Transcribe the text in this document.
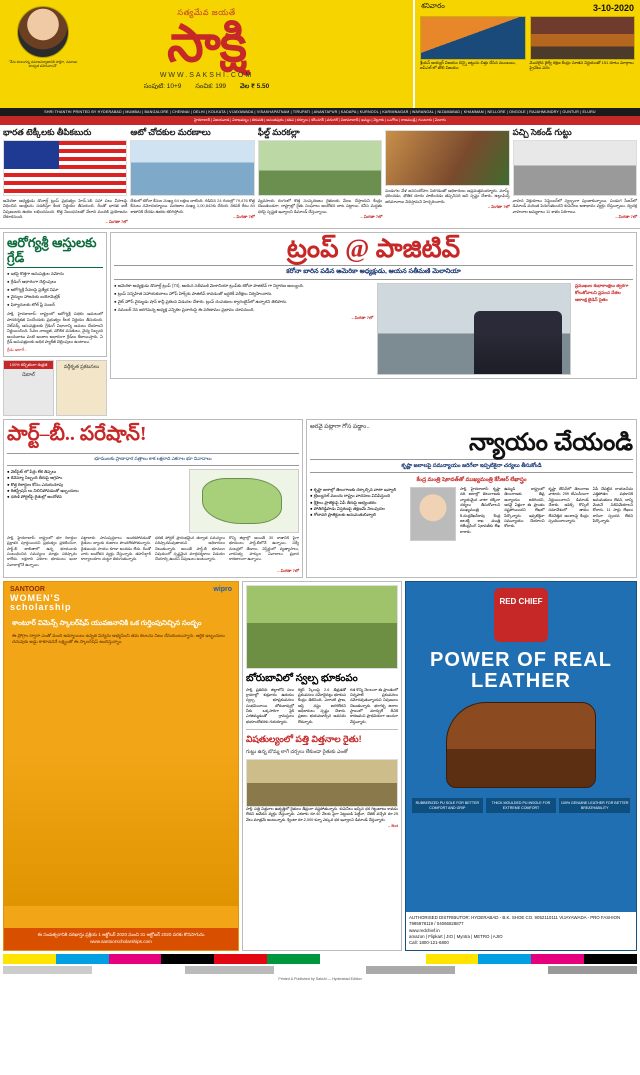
"నేను కలలుగన్న సమాజనిర్మాణానికి సాక్షిగా, సమాజం బాధ్యత వహించాలనే"
సత్యమేవ జయతే
సాక్షి
WWW.SAKSHI.COM
సంపుటి: 10+9 సంచిక: 199 వెల ₹ 5.50
శనివారం	3-10-2020
శ్రేయస్ అయ్యర్ విజయం చెన్నై జట్టును చిత్తు చేసిన ముంబయి, ఐపీఎల్ లో తొలి విజయం
మొదలైన రైల్వే రక్షణ కేంద్రం నూతన నిర్ణయంతో 151 రూటు మార్గాలు ప్రైవేటు పరం
SHRI THANTHI PRINTED BY HYDERABAD | MUMBAI | BANGALORE | CHENNAI | DELHI | KOLKATA | VIJAYAWADA | VISAKHAPATNAM | TIRUPATI | ANANTAPUR | KADAPA | KURNOOL | KARIMNAGAR | WARANGAL | NIZAMABAD | KHAMMAM | NELLORE | ONGOLE | RAJAHMUNDRY | GUNTUR | ELURU
హైదరాబాద్ | విజయవాడ | విశాఖపట్నం | తిరుపతి | అనంతపురం | కడప | కర్నూలు | కరీంనగర్ | వరంగల్ | నిజామాబాద్ | ఖమ్మం | నెల్లూరు | ఒంగోలు | రాజమండ్రి | గుంటూరు | ఏలూరు
భారత టెక్కీలకు తీపికబురు
అమెరికా అధ్యక్షుడు డొనాల్డ్ ట్రంప్ ప్రభుత్వం హెచ్-1బి సహా పలు వీసాలపై విధించిన ఆంక్షలను సడలిస్తూ కీలక నిర్ణయం తీసుకుంది. దీంతో భారత ఐటీ నిపుణులకు ఊరట లభించనుంది. కొత్త నిబంధనలతో వేలాది మందికి ప్రయోజనం చేకూరనుంది.
– మిగతా 7లో
ఆటో చోదకుల మరణాలు
దేశంలో కరోనా కేసుల సంఖ్య 64 లక్షలు దాటింది. గడిచిన 24 గంటల్లో 79,476 కొత్త కేసులు నమోదయ్యాయి. మరణాల సంఖ్య 1,00,842కు చేరింది. రికవరీ రేటు 84 శాతానికి చేరడం ఊరట కలిగిస్తోంది.
– మిగతా 7లో
ఫీల్డ్ మరకల్లా
వ్యవసాయ రంగంలో కొత్త సంస్కరణలు రైతులకు మేలు చేస్తాయని కేంద్రం చెబుతుండగా, రాష్ట్రాల్లో రైతు సంఘాలు ఆందోళన బాట పట్టాయి. కనీస మద్దతు ధరపై స్పష్టత ఇవ్వాలని డిమాండ్ చేస్తున్నాయి.
– మిగతా 7లో
పండుగల వేళ జనసందోహం పెరగడంతో అధికారులు అప్రమత్తమయ్యారు. మాస్క్ ధరించడం, భౌతిక దూరం పాటించడం తప్పనిసరి అని స్పష్టం చేశారు. ఉల్లంఘిస్తే జరిమానాలు విధిస్తామని హెచ్చరించారు.
– మిగతా 7లో
పచ్చి సెకండ్ గుట్టు
వాహన విక్రయాలు సెప్టెంబర్‌లో స్వల్పంగా పుంజుకున్నాయి. పండుగ సీజన్‌లో డిమాండ్ మరింత పెరుగుతుందని కంపెనీలు ఆశాభావం వ్యక్తం చేస్తున్నాయి. ద్విచక్ర వాహనాల అమ్మకాలు 11 శాతం పెరిగాయి.
– మిగతా 7లో
ఆరోగ్యశ్రీ ఆస్తులకు గ్రేడ్
● ఇకపై కొత్తగా ఆసుపత్రుల నమోదు
● గ్రేడింగ్ ఆధారంగా చెల్లింపులు
● ఆరోగ్యశ్రీ సేవలపై ప్రత్యేక నిఘా
● వైద్యుల హాజరుకు బయోమెట్రిక్
● ఫిర్యాదులకు టోల్ ఫ్రీ నంబర్
సాక్షి, హైదరాబాద్: రాష్ట్రంలో ఆరోగ్యశ్రీ పథకం అమలులో పారదర్శకత పెంచేందుకు ప్రభుత్వం కీలక నిర్ణయం తీసుకుంది. నెట్‌వర్క్ ఆసుపత్రులకు గ్రేడింగ్ విధానాన్ని అమలు చేయాలని నిర్ణయించింది. సేవల నాణ్యత, మౌలిక వసతులు, వైద్య సిబ్బంది అందుబాటు వంటి అంశాల ఆధారంగా గ్రేడ్‌లు కేటాయిస్తారు. ఏ గ్రేడ్ ఆసుపత్రులకు అధిక ప్యాకేజీ చెల్లింపులు ఉంటాయి.
గ్రేడు ఇలాగే...
100% కచ్చితంగా శుభ్రత
డెటాల్
వర్గీకృత ప్రకటనలు
ట్రంప్ @ పాజిటివ్
కరోనా బారిన పడిన అమెరికా అధ్యక్షుడు, ఆయన సతీమణి మెలానియా
● అమెరికా అధ్యక్షుడు డొనాల్డ్ ట్రంప్ (74), ఆయన సతీమణి మెలానియా ట్రంప్‌కు కరోనా పాజిటివ్ గా నిర్ధారణ అయ్యింది.
● ట్రంప్ సన్నిహిత సహాయకురాలు హోప్ హిక్స్‌కు పాజిటివ్ రావడంతో ఇద్దరికీ పరీక్షలు నిర్వహించారు.
● వైట్ హౌస్ వైద్యుడు షాన్ కాన్లీ ప్రకటన విడుదల చేశారు. ట్రంప్ దంపతులు క్వారంటైన్‌లో ఉన్నారని తెలిపారు.
● నవంబర్ 3న జరగనున్న అధ్యక్ష ఎన్నికల ప్రచారంపై ఈ పరిణామం ప్రభావం చూపనుంది.
– మిగతా 7లో
ప్రముఖుల శుభాకాంక్షలు త్వరగా కోలుకోవాలని ప్రపంచ నేతల ఆకాంక్ష బైడెన్ సైతం
పార్ట్–బీ.. పరేషాన్!
భూములకు ప్రాణాధార పత్రాలు కాక లక్షలాది ఎకరాల భూ వివాదాలు
● వెబ్‌సైట్ లో పేర్లు లేక తిప్పలు
● రెవెన్యూ సిబ్బంది తీరుపై ఆగ్రహం
● కొత్త రికార్డుల కోసం ఎదురుచూపు
● రిజిస్ట్రేషన్ లు నిలిచిపోవడంతో ఇబ్బందులు
● ధరణి పోర్టల్‌పై రైతుల్లో ఆందోళన
సాక్షి, హైదరాబాద్: రాష్ట్రంలో భూ రికార్డుల ప్రక్షాళన పూర్తయిందని ప్రభుత్వం ప్రకటించినా, పార్ట్-బీ జాబితాలో ఉన్న భూములకు సంబంధించిన సమస్యలు మాత్రం పరిష్కారం కాలేదు. లక్షలాది ఎకరాల భూములు ఇంకా వివాదాల్లోనే ఉన్నాయి.
పట్టాదారు పాసుపుస్తకాలు అందకపోవడంతో రైతులు బ్యాంకు రుణాలు పొందలేకపోతున్నారు. రైతుబంధు సాయం కూడా అందడం లేదు. దీంతో వారు ఆందోళన వ్యక్తం చేస్తున్నారు. తహసీల్దార్ కార్యాలయాల చుట్టూ తిరుగుతున్నారు.
ధరణి పోర్టల్ ప్రారంభమైన తర్వాత సమస్యలు పరిష్కారమవుతాయని అధికారులు చెబుతున్నారు. అయితే పార్ట్-బీ భూముల విషయంలో స్పష్టమైన మార్గదర్శకాలు విడుదల చేయాల్సి ఉందని నిపుణులు అంటున్నారు.
కొన్ని జిల్లాల్లో అయితే 30 శాతానికి పైగా భూములు పార్ట్-బీలోనే ఉన్నాయి. సర్వే నంబర్లలో తేడాలు, విస్తీర్ణంలో వ్యత్యాసాలు, వారసత్వ హక్కుల వివాదాలు ప్రధాన కారణాలుగా ఉన్నాయి.
– మిగతా 7లో
అరవై పట్లాగా గోస పడ్డాం..
న్యాయం చేయండి
కృష్ణా జలాలపై సమన్యాయం జరిగేలా ఇప్పటికైనా చర్యలు తీసుకోండి
కేంద్ర మంత్రి షెకావత్‌తో ముఖ్యమంత్రి కేసీఆర్ లేఖాస్త్రం
● కృష్ణా జలాల్లో తెలంగాణకు దక్కాల్సిన వాటా ఇవ్వాలి
● ట్రిబ్యునల్ ముందు రాష్ట్రం వాదనలు వినిపిస్తుంది
● శ్రీశైలం ప్రాజెక్టుపై ఏపీ తీరుపై అభ్యంతరం
● పోతిరెడ్డిపాడు విస్తరణపై తక్షణమే నిలుపుదల
● గోదావరి ప్రాజెక్టులకు అనుమతులివ్వాలి
సాక్షి, హైదరాబాద్: కృష్ణా నది జలాల్లో తెలంగాణకు న్యాయమైన వాటా దక్కేలా చర్యలు తీసుకోవాలని ముఖ్యమంత్రి కె.చంద్రశేఖర్‌రావు కేంద్ర జలశక్తి శాఖ మంత్రి గజేంద్రసింగ్ షెకావత్‌కు లేఖ రాశారు.
ఉమ్మడి రాష్ట్రంలో తెలంగాణకు తీవ్ర అన్యాయం జరిగిందని, అరవై ఏళ్లుగా ఈ ప్రాంతం నష్టపోయిందని లేఖలో పేర్కొన్నారు. ఇప్పటికైనా సమన్యాయం చేయాలని కోరారు.
కృష్ణా బేసిన్‌లో తెలంగాణ వాటాను 299 టీఎంసీలుగా నిర్ణయించాలని డిమాండ్ చేశారు. అపెక్స్ కౌన్సిల్ సమావేశంలో తాము లేవనెత్తిన అంశాలపై కేంద్రం స్పందించాలన్నారు.
ఏపీ చేపట్టిన రాయలసీమ ఎత్తిపోతల పథకానికి అనుమతులు లేవని, దాన్ని వెంటనే నిలిపివేయాలని కోరారు. 11 సార్లు లేఖలు రాసినా స్పందన లేదని పేర్కొన్నారు.
SANTOOR
WOMEN'S
scholarship
wipro
శాంటూర్ విమెన్స్ స్కాలర్‌షిప్‌ యువజనానికి ఒక గుర్తింపునిచ్చిన సంద్భం
ఈ ప్రోగ్రాం ద్వారా ఎంతో మంది అమ్మాయిలు ఉన్నత విద్యను అభ్యసించి తమ కలలను నిజం చేసుకుంటున్నారు. ఆర్థిక ఇబ్బందులు చదువుకు అడ్డు కాకూడదనే లక్ష్యంతో ఈ స్కాలర్‌షిప్ అందిస్తున్నాం.
ఈ సంవత్సరానికి దరఖాస్తు ప్రక్రియ 1 అక్టోబర్ 2020 నుంచి 31 అక్టోబర్ 2020 వరకు కొనసాగును www.santoorscholarships.com
బోరుబావిలో స్వల్ప భూకంపం
సాక్షి, ప్రతినిధి: జిల్లాలోని పలు గ్రామాల్లో శుక్రవారం ఉదయం స్వల్ప భూప్రకంపనలు సంభవించాయి. బోరుబావుల్లో నీరు ఒక్కసారిగా పైకి ఎగజిమ్మడంతో గ్రామస్తులు భయాందోళనకు గురయ్యారు.
రిక్టర్ స్కేలుపై 2.6 తీవ్రతతో ప్రకంపనలు నమోదైనట్లు భూకంప కేంద్రం తెలిపింది. ఎలాంటి ప్రాణ, ఆస్తి నష్టం జరగలేదని అధికారులు స్పష్టం చేశారు. ప్రజలు భయపడాల్సిన అవసరం లేదన్నారు.
గత కొన్ని నెలలుగా ఈ ప్రాంతంలో చిన్నపాటి ప్రకంపనలు నమోదవుతున్నాయని నిపుణులు చెబుతున్నారు. భూగర్భ జలాల స్థాయిలో మార్పులే దీనికి కారణమని ప్రాథమికంగా అంచనా వేస్తున్నారు.
విషతుల్యంలో పత్తి విత్తనాల రైతు!
గుట్టు ఉన్న బొమ్మ లాగే చర్చలు లేకుండా రైతుకు ఎంతో
సాక్షి: పత్తి విత్తనాల ఉత్పత్తిలో రైతులు తీవ్రంగా నష్టపోతున్నారు. కంపెనీలు ఇచ్చిన ధర గిట్టుబాటు కావడం లేదని ఆవేదన వ్యక్తం చేస్తున్నారు. ఎకరాకు రూ.40 వేలకు పైగా పెట్టుబడి పెట్టినా, చేతికి వచ్చేది రూ.25 వేలు మాత్రమే అంటున్నారు. క్వింటా రూ.2,000 కన్నా ఎక్కువ ధర ఇవ్వాలని డిమాండ్ చేస్తున్నారు.
– Bot
RED CHIEF
POWER OF REAL LEATHER
RUBBERIZED PU SOLE FOR BETTER COMFORT AND GRIP
THICK MOULDED PU INSOLE FOR EXTREME COMFORT
100% GENUINE LEATHER FOR BETTER BREATHABILITY
AUTHORISED DISTRIBUTOR: HYDERABAD - B.K. SHOE CO. 9052110111 VIJAYAWADA - PRO FASHION 7995978119 / 04066828877
www.redchief.in
amazon | Flipkart | JIO | Myntra | METRO | AJIO
Call: 1800-121-6800
Printed & Published by Sakshi — Hyderabad Edition
